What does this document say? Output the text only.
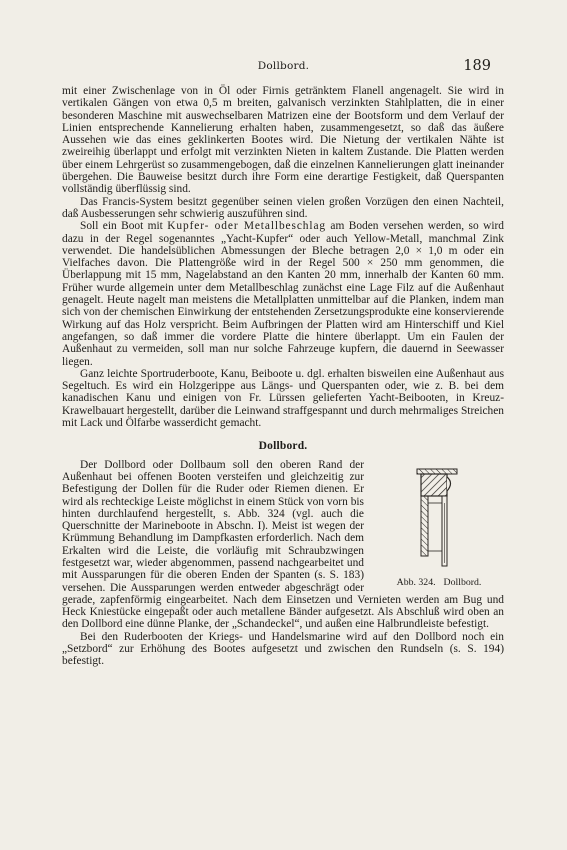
Dollbord.	189

mit einer Zwischenlage von in Öl oder Firnis getränktem Flanell angenagelt. Sie wird in vertikalen Gängen von etwa 0,5 m breiten, galvanisch verzinkten Stahlplatten, die in einer besonderen Maschine mit auswechselbaren Matrizen eine der Bootsform und dem Verlauf der Linien entsprechende Kannelierung erhalten haben, zusammengesetzt, so daß das äußere Aussehen wie das eines geklinkerten Bootes wird. Die Nietung der vertikalen Nähte ist zweireihig überlappt und erfolgt mit verzinkten Nieten in kaltem Zustande. Die Platten werden über einem Lehrgerüst so zusammengebogen, daß die einzelnen Kannelierungen glatt ineinander übergehen. Die Bauweise besitzt durch ihre Form eine derartige Festigkeit, daß Querspanten vollständig überflüssig sind.

Das Francis-System besitzt gegenüber seinen vielen großen Vorzügen den einen Nachteil, daß Ausbesserungen sehr schwierig auszuführen sind.

Soll ein Boot mit Kupfer- oder Metallbeschlag am Boden versehen werden, so wird dazu in der Regel sogenanntes „Yacht-Kupfer“ oder auch Yellow-Metall, manchmal Zink verwendet. Die handelsüblichen Abmessungen der Bleche betragen 2,0 × 1,0 m oder ein Vielfaches davon. Die Plattengröße wird in der Regel 500 × 250 mm genommen, die Überlappung mit 15 mm, Nagelabstand an den Kanten 20 mm, innerhalb der Kanten 60 mm. Früher wurde allgemein unter dem Metallbeschlag zunächst eine Lage Filz auf die Außenhaut genagelt. Heute nagelt man meistens die Metallplatten unmittelbar auf die Planken, indem man sich von der chemischen Einwirkung der entstehenden Zersetzungsprodukte eine konservierende Wirkung auf das Holz verspricht. Beim Aufbringen der Platten wird am Hinterschiff und Kiel angefangen, so daß immer die vordere Platte die hintere überlappt. Um ein Faulen der Außenhaut zu vermeiden, soll man nur solche Fahrzeuge kupfern, die dauernd in Seewasser liegen.

Ganz leichte Sportruderboote, Kanu, Beiboote u. dgl. erhalten bisweilen eine Außenhaut aus Segeltuch. Es wird ein Holzgerippe aus Längs- und Querspanten oder, wie z. B. bei dem kanadischen Kanu und einigen von Fr. Lürssen gelieferten Yacht-Beibooten, in Kreuz-Krawelbauart hergestellt, darüber die Leinwand straffgespannt und durch mehrmaliges Streichen mit Lack und Ölfarbe wasserdicht gemacht.

Dollbord.
Abb. 324. Dollbord.

Der Dollbord oder Dollbaum soll den oberen Rand der Außenhaut bei offenen Booten versteifen und gleichzeitig zur Befestigung der Dollen für die Ruder oder Riemen dienen. Er wird als rechteckige Leiste möglichst in einem Stück von vorn bis hinten durchlaufend hergestellt, s. Abb. 324 (vgl. auch die Querschnitte der Marineboote in Abschn. I). Meist ist wegen der Krümmung Behandlung im Dampfkasten erforderlich. Nach dem Erkalten wird die Leiste, die vorläufig mit Schraubzwingen festgesetzt war, wieder abgenommen, passend nachgearbeitet und mit Aussparungen für die oberen Enden der Spanten (s. S. 183) versehen. Die Aussparungen werden entweder abgeschrägt oder gerade, zapfenförmig eingearbeitet. Nach dem Einsetzen und Vernieten werden am Bug und Heck Kniestücke eingepaßt oder auch metallene Bänder aufgesetzt. Als Abschluß wird oben an den Dollbord eine dünne Planke, der „Schandeckel“, und außen eine Halbrundleiste befestigt.

Bei den Ruderbooten der Kriegs- und Handelsmarine wird auf den Dollbord noch ein „Setzbord“ zur Erhöhung des Bootes aufgesetzt und zwischen den Rundseln (s. S. 194) befestigt.
